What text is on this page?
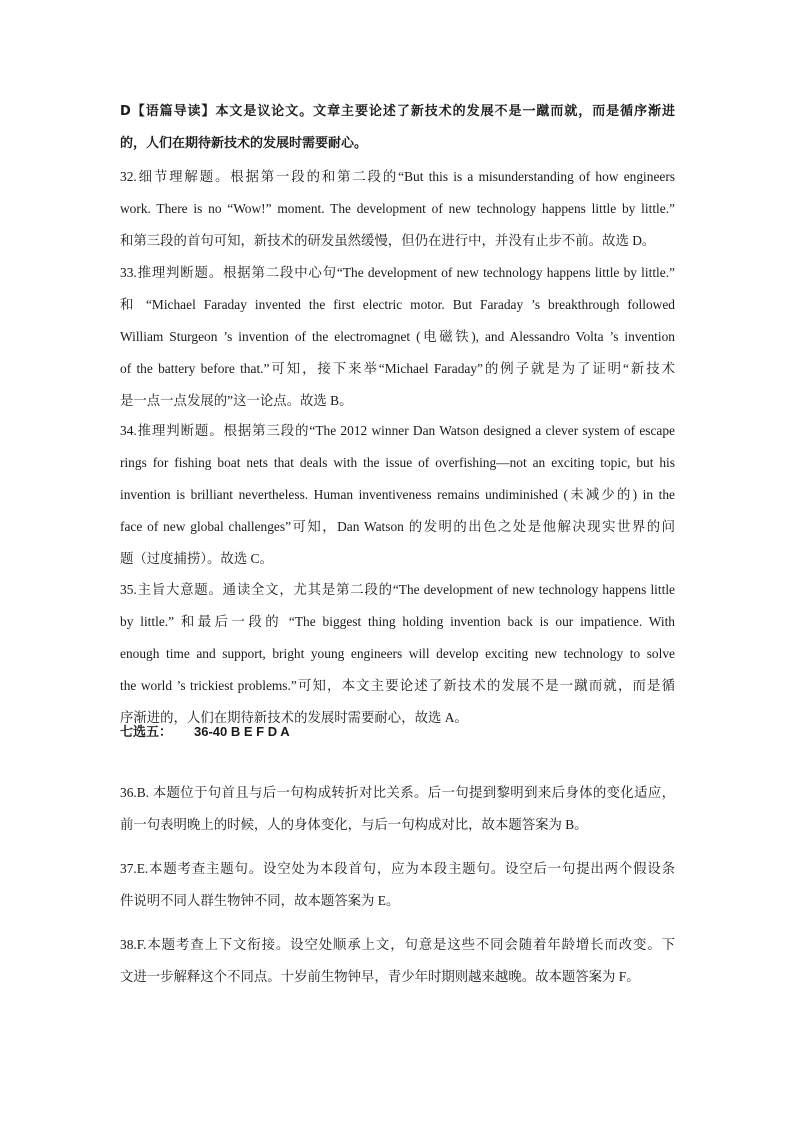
D【语篇导读】本文是议论文。文章主要论述了新技术的发展不是一蹴而就，而是循序渐进
的，人们在期待新技术的发展时需要耐心。
32.细节理解题。根据第一段的和第二段的“But this is a misunderstanding of how engineers
work. There is no “Wow!” moment. The development of new technology happens little by little.”
和第三段的首句可知，新技术的研发虽然缓慢，但仍在进行中，并没有止步不前。故选 D。
33.推理判断题。根据第二段中心句“The development of new technology happens little by little.”
和 “Michael Faraday invented the first electric motor. But Faraday ’s breakthrough followed
William Sturgeon ’s invention of the electromagnet (电磁铁), and Alessandro Volta ’s invention
of the battery before that.”可知，接下来举“Michael Faraday”的例子就是为了证明“新技术
是一点一点发展的”这一论点。故选 B。
34.推理判断题。根据第三段的“The 2012 winner Dan Watson designed a clever system of escape
rings for fishing boat nets that deals with the issue of overfishing—not an exciting topic, but his
invention is brilliant nevertheless. Human inventiveness remains undiminished (未减少的) in the
face of new global challenges”可知，Dan Watson 的发明的出色之处是他解决现实世界的问
题（过度捕捞）。故选 C。
35.主旨大意题。通读全文，尤其是第二段的“The development of new technology happens little
by little.” 和最后一段的 “The biggest thing holding invention back is our impatience. With
enough time and support, bright young engineers will develop exciting new technology to solve
the world ’s trickiest problems.”可知，本文主要论述了新技术的发展不是一蹴而就，而是循
序渐进的，人们在期待新技术的发展时需要耐心，故选 A。
七选五： 36-40 B E F D A
36.B. 本题位于句首且与后一句构成转折对比关系。后一句提到黎明到来后身体的变化适应，
前一句表明晚上的时候，人的身体变化，与后一句构成对比，故本题答案为 B。
37.E.本题考查主题句。设空处为本段首句，应为本段主题句。设空后一句提出两个假设条
件说明不同人群生物钟不同，故本题答案为 E。
38.F.本题考查上下文衔接。设空处顺承上文，句意是这些不同会随着年龄增长而改变。下
文进一步解释这个不同点。十岁前生物钟早，青少年时期则越来越晚。故本题答案为 F。
